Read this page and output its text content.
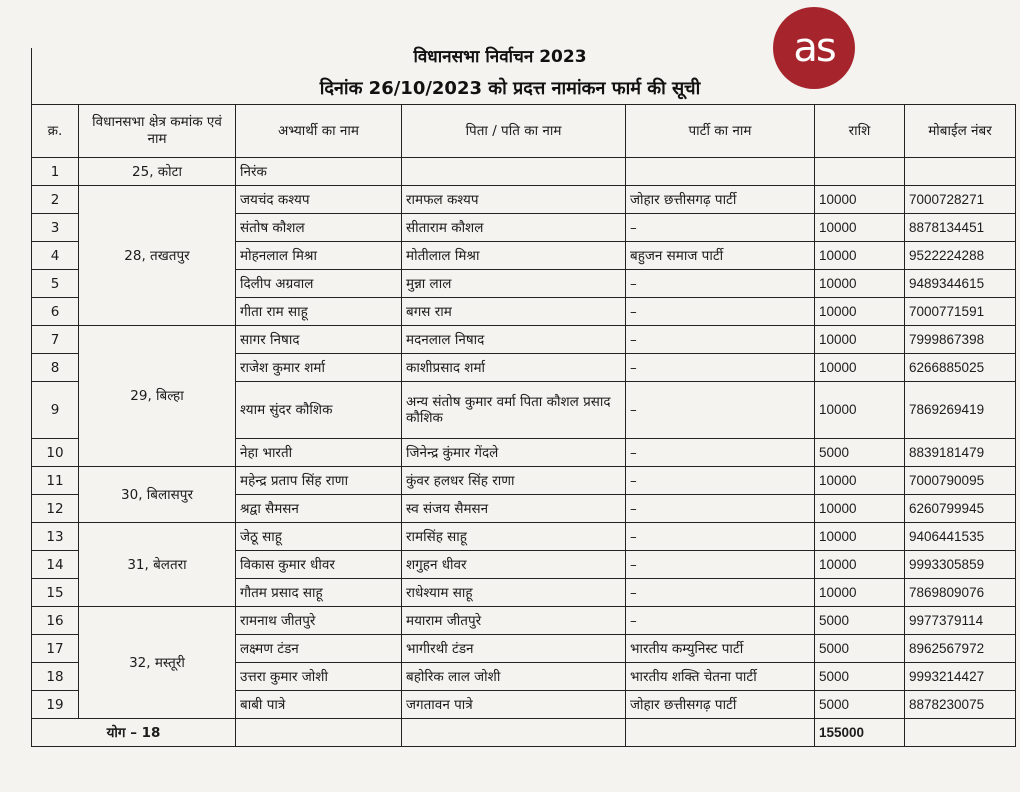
विधानसभा निर्वाचन 2023
दिनांक 26/10/2023 को प्रदत्त नामांकन फार्म की सूची
as
क्र.	विधानसभा क्षेत्र कमांक एवं नाम	अभ्यार्थी का नाम	पिता / पति का नाम	पार्टी का नाम	राशि	मोबाईल नंबर
1	25, कोटा	निरंक				
2	28, तखतपुर	जयचंद कश्यप	रामफल कश्यप	जोहार छत्तीसगढ़ पार्टी	10000	7000728271
3		संतोष कौशल	सीताराम कौशल	–	10000	8878134451
4		मोहनलाल मिश्रा	मोतीलाल मिश्रा	बहुजन समाज पार्टी	10000	9522224288
5		दिलीप अग्रवाल	मुन्ना लाल	–	10000	9489344615
6		गीता राम साहू	बगस राम	–	10000	7000771591
7	29, बिल्हा	सागर निषाद	मदनलाल निषाद	–	10000	7999867398
8		राजेश कुमार शर्मा	काशीप्रसाद शर्मा	–	10000	6266885025
9		श्याम सुंदर कौशिक	अन्य संतोष कुमार वर्मा पिता कौशल प्रसाद कौशिक	–	10000	7869269419
10		नेहा भारती	जिनेन्द्र कुंमार गेंदले	–	5000	8839181479
11	30, बिलासपुर	महेन्द्र प्रताप सिंह राणा	कुंवर हलधर सिंह राणा	–	10000	7000790095
12		श्रद्वा सैमसन	स्व संजय सैमसन	–	10000	6260799945
13	31, बेलतरा	जेठू साहू	रामसिंह साहू	–	10000	9406441535
14		विकास कुमार धीवर	शगुहन धीवर	–	10000	9993305859
15		गौतम प्रसाद साहू	राधेश्याम साहू	–	10000	7869809076
16	32, मस्तूरी	रामनाथ जीतपुरे	मयाराम जीतपुरे	–	5000	9977379114
17		लक्ष्मण टंडन	भागीरथी टंडन	भारतीय कम्युनिस्ट पार्टी	5000	8962567972
18		उत्तरा कुमार जोशी	बहोरिक लाल जोशी	भारतीय शक्ति चेतना पार्टी	5000	9993214427
19		बाबी पात्रे	जगतावन पात्रे	जोहार छत्तीसगढ़ पार्टी	5000	8878230075
योग – 18					155000	
